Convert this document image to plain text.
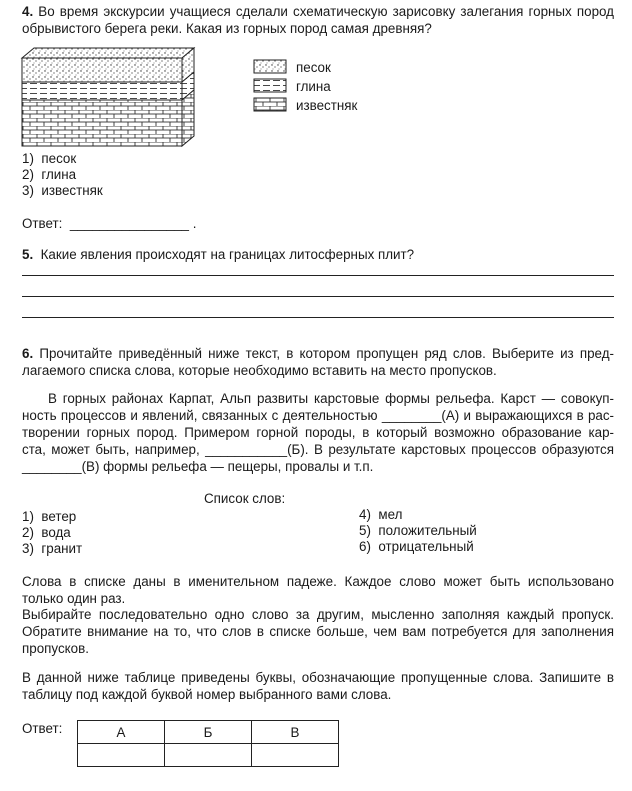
4. Во время экскурсии учащиеся сделали схематическую зарисовку залегания горных пород
обрывистого берега реки. Какая из горных пород самая древняя?
песок
глина
известняк
1) песок
2) глина
3) известняк
Ответ: ________________ .
5. Какие явления происходят на границах литосферных плит?
6. Прочитайте приведённый ниже текст, в котором пропущен ряд слов. Выберите из пред-
лагаемого списка слова, которые необходимо вставить на место пропусков.
В горных районах Карпат, Альп развиты карстовые формы рельефа. Карст — совокуп-
ность процессов и явлений, связанных с деятельностью ________(А) и выражающихся в рас-
творении горных пород. Примером горной породы, в который возможно образование кар-
ста, может быть, например, ___________(Б). В результате карстовых процессов образуются
________(В) формы рельефа — пещеры, провалы и т.п.
Список слов:
1) ветер
2) вода
3) гранит
4) мел
5) положительный
6) отрицательный
Слова в списке даны в именительном падеже. Каждое слово может быть использовано
только один раз.
Выбирайте последовательно одно слово за другим, мысленно заполняя каждый пропуск.
Обратите внимание на то, что слов в списке больше, чем вам потребуется для заполнения
пропусков.
В данной ниже таблице приведены буквы, обозначающие пропущенные слова. Запишите в
таблицу под каждой буквой номер выбранного вами слова.
Ответ:	А	Б	В
